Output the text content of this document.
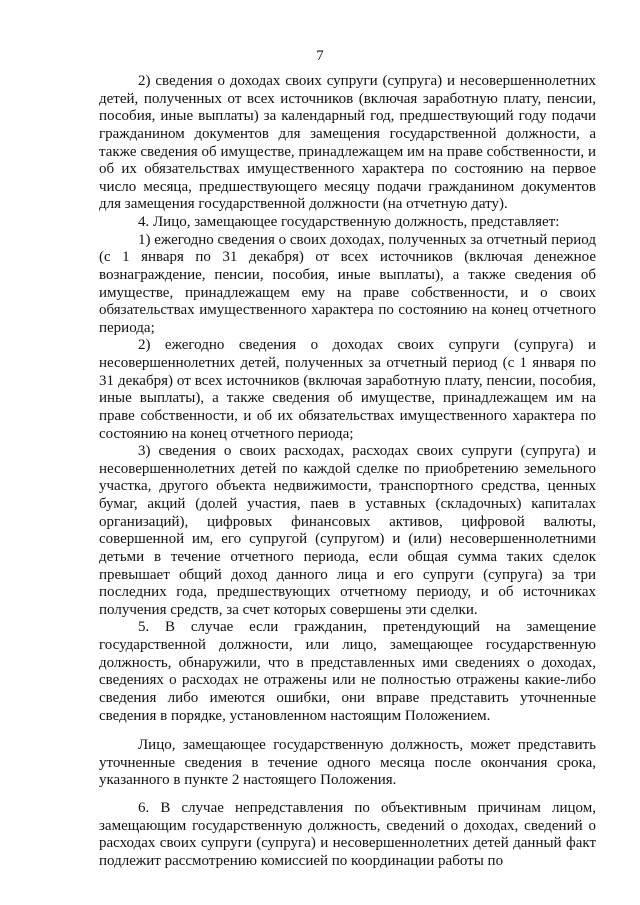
7

2) сведения о доходах своих супруги (супруга) и несовершеннолетних детей, полученных от всех источников (включая заработную плату, пенсии, пособия, иные выплаты) за календарный год, предшествующий году подачи гражданином документов для замещения государственной должности, а также сведения об имуществе, принадлежащем им на праве собственности, и об их обязательствах имущественного характера по состоянию на первое число месяца, предшествующего месяцу подачи гражданином документов для замещения государственной должности (на отчетную дату).

4. Лицо, замещающее государственную должность, представляет:

1) ежегодно сведения о своих доходах, полученных за отчетный период (с 1 января по 31 декабря) от всех источников (включая денежное вознаграждение, пенсии, пособия, иные выплаты), а также сведения об имуществе, принадлежащем ему на праве собственности, и о своих обязательствах имущественного характера по состоянию на конец отчетного периода;

2) ежегодно сведения о доходах своих супруги (супруга) и несовершеннолетних детей, полученных за отчетный период (с 1 января по 31 декабря) от всех источников (включая заработную плату, пенсии, пособия, иные выплаты), а также сведения об имуществе, принадлежащем им на праве собственности, и об их обязательствах имущественного характера по состоянию на конец отчетного периода;

3) сведения о своих расходах, расходах своих супруги (супруга) и несовершеннолетних детей по каждой сделке по приобретению земельного участка, другого объекта недвижимости, транспортного средства, ценных бумаг, акций (долей участия, паев в уставных (складочных) капиталах организаций), цифровых финансовых активов, цифровой валюты, совершенной им, его супругой (супругом) и (или) несовершеннолетними детьми в течение отчетного периода, если общая сумма таких сделок превышает общий доход данного лица и его супруги (супруга) за три последних года, предшествующих отчетному периоду, и об источниках получения средств, за счет которых совершены эти сделки.

5. В случае если гражданин, претендующий на замещение государственной должности, или лицо, замещающее государственную должность, обнаружили, что в представленных ими сведениях о доходах, сведениях о расходах не отражены или не полностью отражены какие-либо сведения либо имеются ошибки, они вправе представить уточненные сведения в порядке, установленном настоящим Положением.

Лицо, замещающее государственную должность, может представить уточненные сведения в течение одного месяца после окончания срока, указанного в пункте 2 настоящего Положения.

6. В случае непредставления по объективным причинам лицом, замещающим государственную должность, сведений о доходах, сведений о расходах своих супруги (супруга) и несовершеннолетних детей данный факт подлежит рассмотрению комиссией по координации работы по
